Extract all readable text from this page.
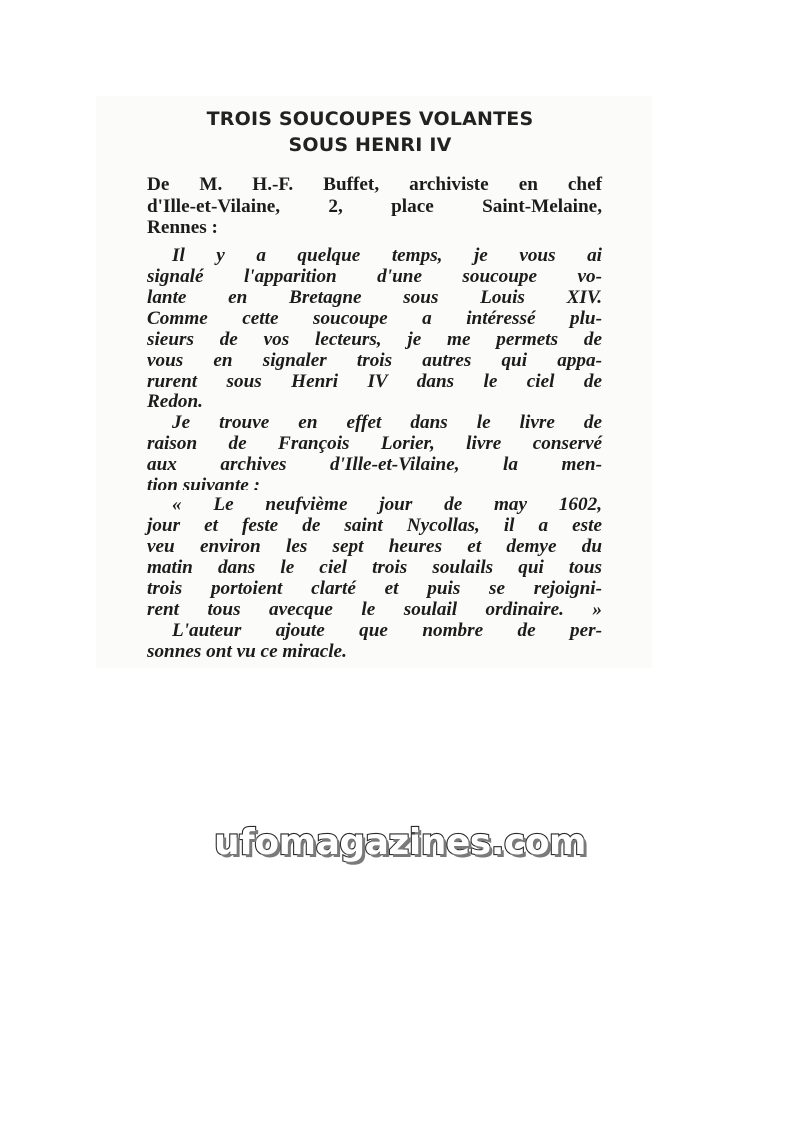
TROIS SOUCOUPES VOLANTES
SOUS HENRI IV
De M. H.-F. Buffet, archiviste en chef
d'Ille-et-Vilaine, 2, place Saint-Melaine,
Rennes :
Il y a quelque temps, je vous ai
signalé l'apparition d'une soucoupe vo-
lante en Bretagne sous Louis XIV.
Comme cette soucoupe a intéressé plu-
sieurs de vos lecteurs, je me permets de
vous en signaler trois autres qui appa-
rurent sous Henri IV dans le ciel de
Redon.
Je trouve en effet dans le livre de
raison de François Lorier, livre conservé
aux archives d'Ille-et-Vilaine, la men-
tion suivante :
« Le neufvième jour de may 1602,
jour et feste de saint Nycollas, il a este
veu environ les sept heures et demye du
matin dans le ciel trois soulails qui tous
trois portoient clarté et puis se rejoigni-
rent tous avecque le soulail ordinaire. »
L'auteur ajoute que nombre de per-
sonnes ont vu ce miracle.
ufomagazines.com
